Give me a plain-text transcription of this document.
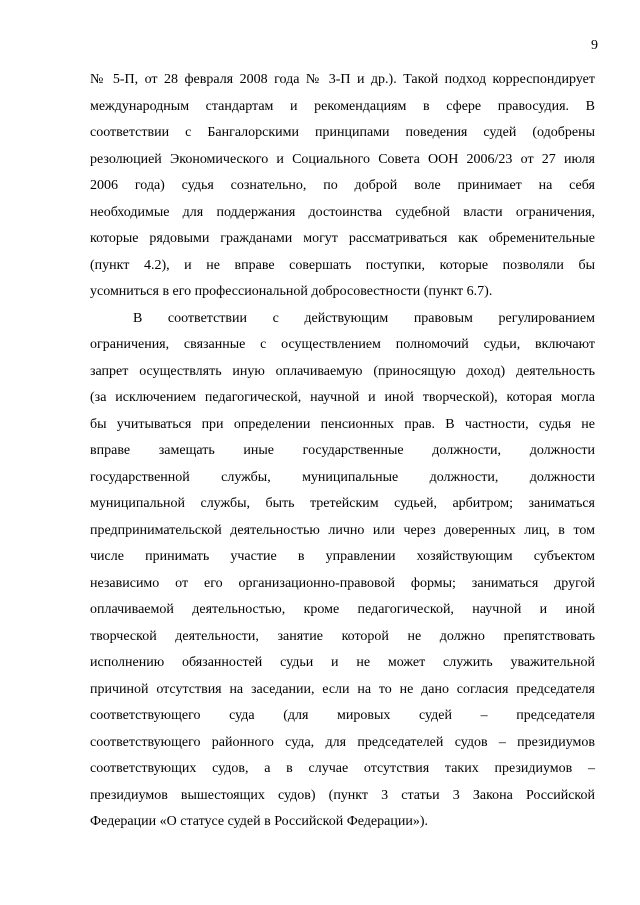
9
№ 5-П, от 28 февраля 2008 года № 3-П и др.). Такой подход корреспондирует
международным стандартам и рекомендациям в сфере правосудия. В
соответствии с Бангалорскими принципами поведения судей (одобрены
резолюцией Экономического и Социального Совета ООН 2006/23 от 27 июля
2006 года) судья сознательно, по доброй воле принимает на себя
необходимые для поддержания достоинства судебной власти ограничения,
которые рядовыми гражданами могут рассматриваться как обременительные
(пункт 4.2), и не вправе совершать поступки, которые позволяли бы
усомниться в его профессиональной добросовестности (пункт 6.7).
В соответствии с действующим правовым регулированием
ограничения, связанные с осуществлением полномочий судьи, включают
запрет осуществлять иную оплачиваемую (приносящую доход) деятельность
(за исключением педагогической, научной и иной творческой), которая могла
бы учитываться при определении пенсионных прав. В частности, судья не
вправе замещать иные государственные должности, должности
государственной службы, муниципальные должности, должности
муниципальной службы, быть третейским судьей, арбитром; заниматься
предпринимательской деятельностью лично или через доверенных лиц, в том
числе принимать участие в управлении хозяйствующим субъектом
независимо от его организационно-правовой формы; заниматься другой
оплачиваемой деятельностью, кроме педагогической, научной и иной
творческой деятельности, занятие которой не должно препятствовать
исполнению обязанностей судьи и не может служить уважительной
причиной отсутствия на заседании, если на то не дано согласия председателя
соответствующего суда (для мировых судей – председателя
соответствующего районного суда, для председателей судов – президиумов
соответствующих судов, а в случае отсутствия таких президиумов –
президиумов вышестоящих судов) (пункт 3 статьи 3 Закона Российской
Федерации «О статусе судей в Российской Федерации»).
